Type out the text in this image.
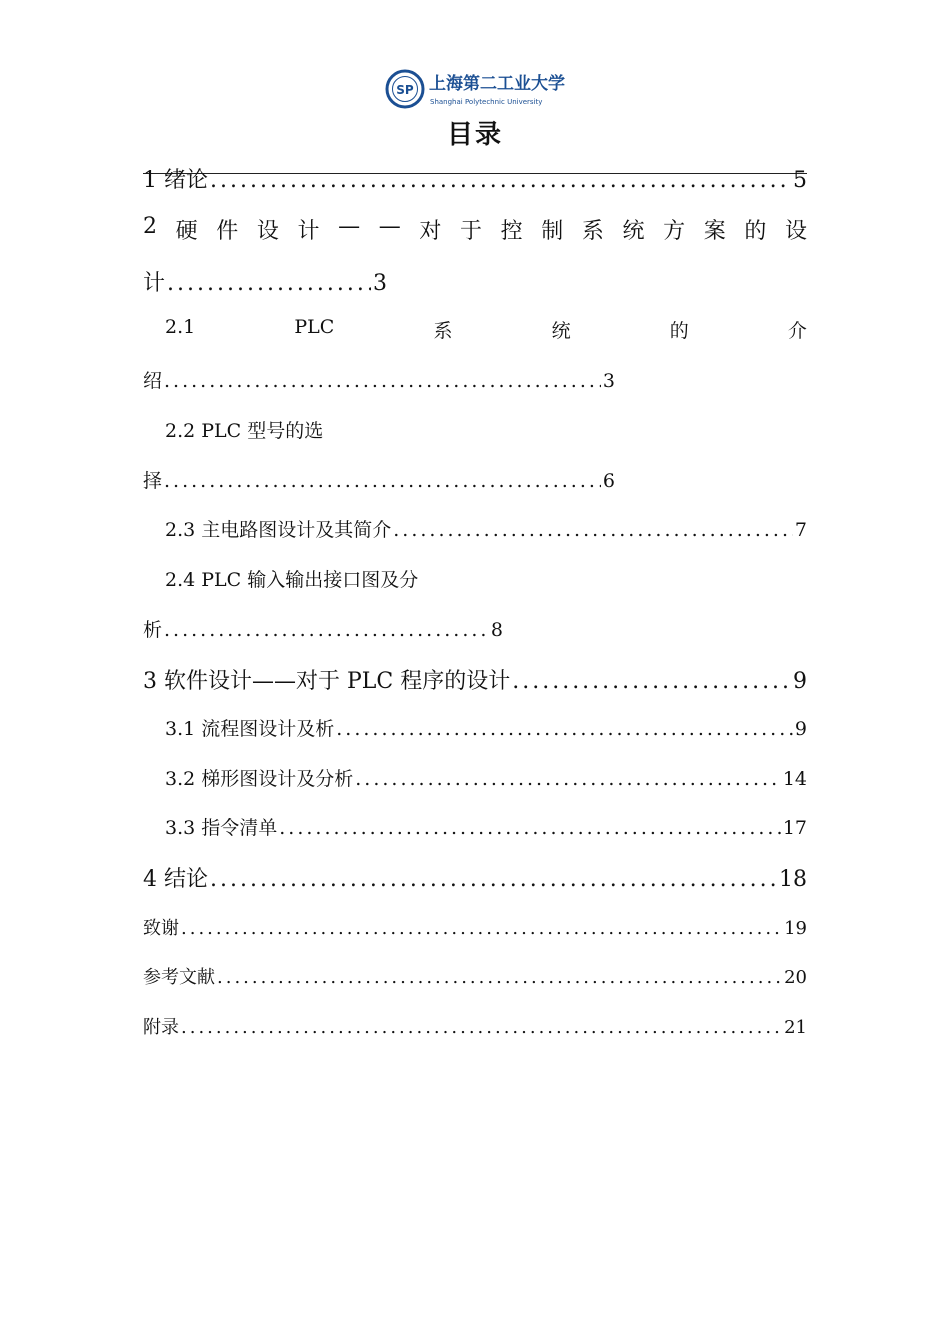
SP 上海第二工业大学
Shanghai Polytechnic University
目录
1 绪论 .....	5
2 硬 件 设 计 — — 对 于 控 制 系 统 方 案 的 设
计 .....	3
2.1	PLC	系	统	的	介
绍 .....	3
2.2 PLC 型号的选
择 .....	6
2.3 主电路图设计及其简介 .....	7
2.4 PLC 输入输出接口图及分
析 .....	8
3 软件设计——对于 PLC 程序的设计 .....	9
3.1 流程图设计及析 .....	9
3.2 梯形图设计及分析 .....	14
3.3 指令清单 .....	17
4 结论 .....	18
致谢 .....	19
参考文献 .....	20
附录 .....	21
